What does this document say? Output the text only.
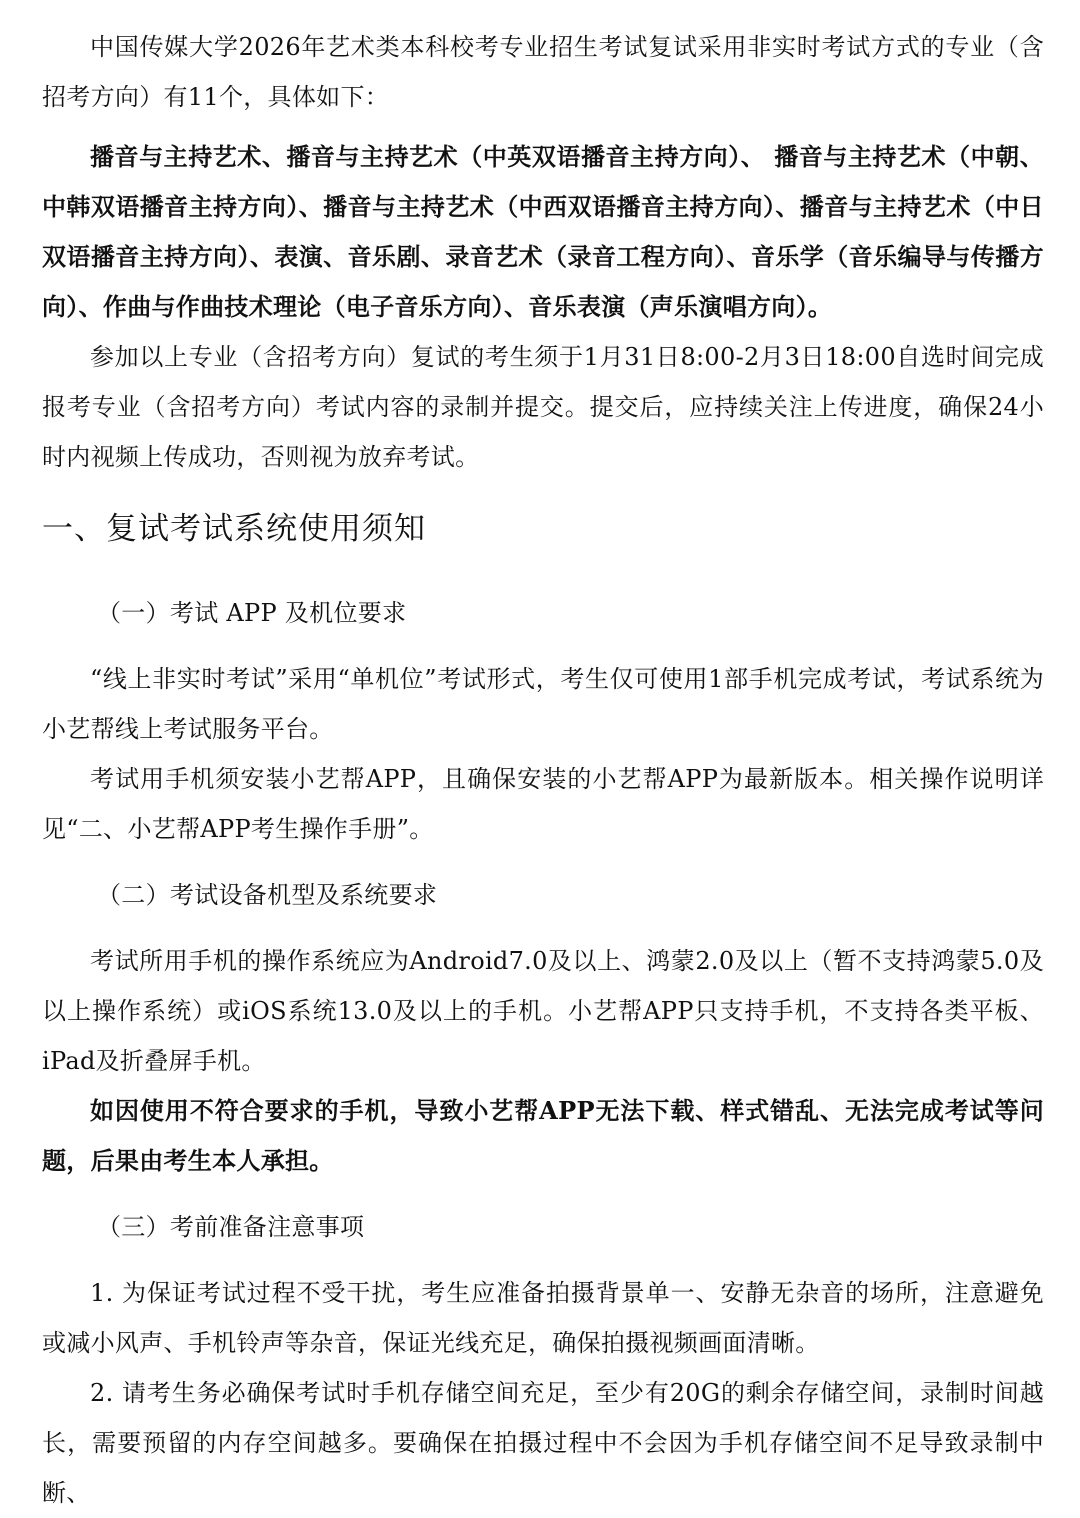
中国传媒大学2026年艺术类本科校考专业招生考试复试采用非实时考试方式的专业（含招考方向）有11个，具体如下：

播音与主持艺术、播音与主持艺术（中英双语播音主持方向）、 播音与主持艺术（中朝、中韩双语播音主持方向）、播音与主持艺术（中西双语播音主持方向）、播音与主持艺术（中日双语播音主持方向）、表演、音乐剧、录音艺术（录音工程方向）、音乐学（音乐编导与传播方向）、作曲与作曲技术理论（电子音乐方向）、音乐表演（声乐演唱方向）。

参加以上专业（含招考方向）复试的考生须于1月31日8:00-2月3日18:00自选时间完成报考专业（含招考方向）考试内容的录制并提交。提交后，应持续关注上传进度，确保24小时内视频上传成功，否则视为放弃考试。

一、复试考试系统使用须知

（一）考试 APP 及机位要求

“线上非实时考试”采用“单机位”考试形式，考生仅可使用1部手机完成考试，考试系统为小艺帮线上考试服务平台。

考试用手机须安装小艺帮APP，且确保安装的小艺帮APP为最新版本。相关操作说明详见“二、小艺帮APP考生操作手册”。

（二）考试设备机型及系统要求

考试所用手机的操作系统应为Android7.0及以上、鸿蒙2.0及以上（暂不支持鸿蒙5.0及以上操作系统）或iOS系统13.0及以上的手机。小艺帮APP只支持手机，不支持各类平板、iPad及折叠屏手机。

如因使用不符合要求的手机，导致小艺帮APP无法下载、样式错乱、无法完成考试等问题，后果由考生本人承担。

（三）考前准备注意事项

1. 为保证考试过程不受干扰，考生应准备拍摄背景单一、安静无杂音的场所，注意避免或减小风声、手机铃声等杂音，保证光线充足，确保拍摄视频画面清晰。

2. 请考生务必确保考试时手机存储空间充足，至少有20G的剩余存储空间，录制时间越长，需要预留的内存空间越多。要确保在拍摄过程中不会因为手机存储空间不足导致录制中断、
